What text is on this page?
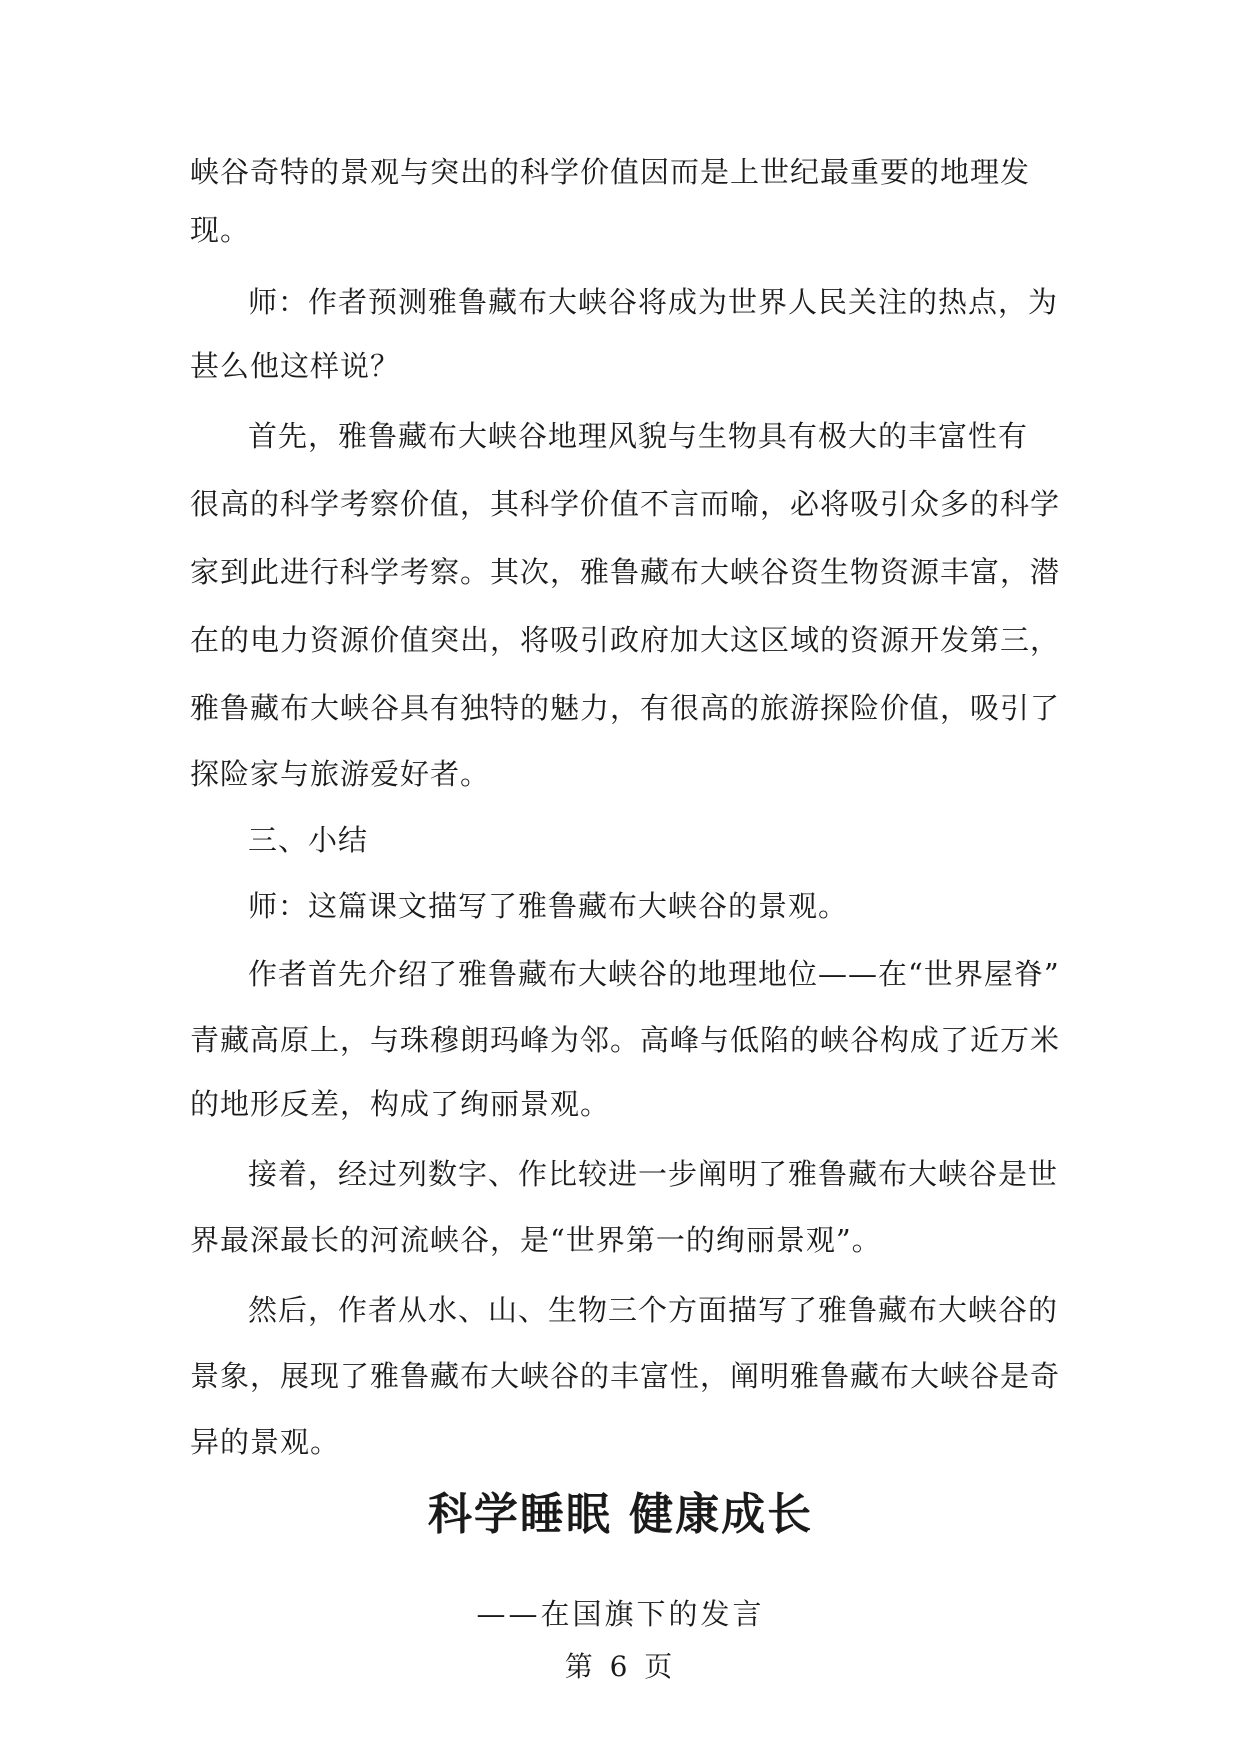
峡谷奇特的景观与突出的科学价值因而是上世纪最重要的地理发
现。
师：作者预测雅鲁藏布大峡谷将成为世界人民关注的热点，为
甚么他这样说？
首先，雅鲁藏布大峡谷地理风貌与生物具有极大的丰富性有
很高的科学考察价值，其科学价值不言而喻，必将吸引众多的科学
家到此进行科学考察。其次，雅鲁藏布大峡谷资生物资源丰富，潜
在的电力资源价值突出，将吸引政府加大这区域的资源开发第三，
雅鲁藏布大峡谷具有独特的魅力，有很高的旅游探险价值，吸引了
探险家与旅游爱好者。
三、小结
师：这篇课文描写了雅鲁藏布大峡谷的景观。
作者首先介绍了雅鲁藏布大峡谷的地理地位——在“世界屋脊”
青藏高原上，与珠穆朗玛峰为邻。高峰与低陷的峡谷构成了近万米
的地形反差，构成了绚丽景观。
接着，经过列数字、作比较进一步阐明了雅鲁藏布大峡谷是世
界最深最长的河流峡谷，是“世界第一的绚丽景观”。
然后，作者从水、山、生物三个方面描写了雅鲁藏布大峡谷的
景象，展现了雅鲁藏布大峡谷的丰富性，阐明雅鲁藏布大峡谷是奇
异的景观。
科学睡眠 健康成长
——在国旗下的发言
第 6 页
